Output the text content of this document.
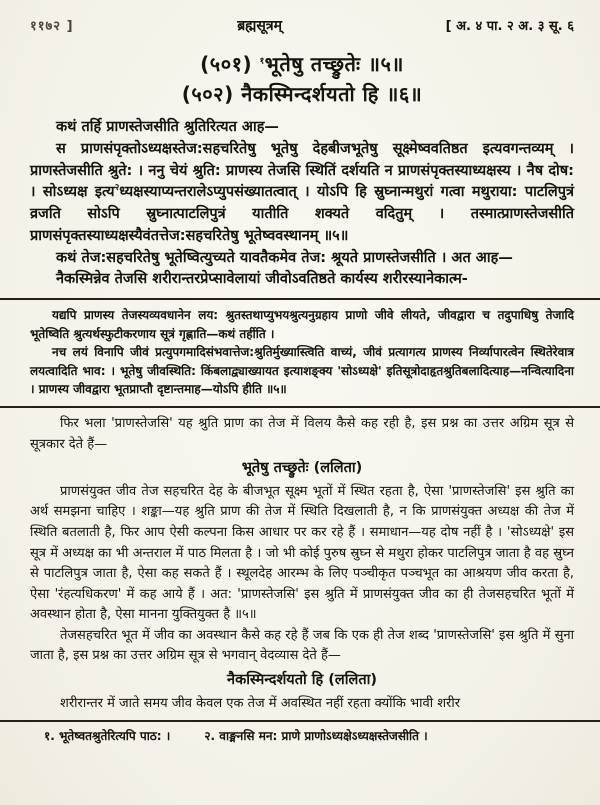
११७२ ]	ब्रह्मसूत्रम्	[ अ. ४ पा. २ अ. ३ सू. ६
(५०१) $^१$भूतेषु तच्छ्रुतेः ॥५॥
(५०२) नैकस्मिन्दर्शयतो हि ॥६॥

कथं तर्हि प्राणस्तेजसीति श्रुतिरित्यत आह—

स प्राणसंपृक्तोऽध्यक्षस्तेज:सहचरितेषु भूतेषु देहबीजभूतेषु सूक्ष्मेष्ववतिष्ठत इत्यवगन्तव्यम् । प्राणस्तेजसीति श्रुते: । ननु चेयं श्रुति: प्राणस्य तेजसि स्थितिं दर्शयति न प्राणसंपृक्तस्याध्यक्षस्य । नैष दोष: । सोऽध्यक्ष इत्य$^२$ध्यक्षस्याप्यन्तरालेऽप्युपसंख्यातत्वात् । योऽपि हि स्रुघ्नान्मथुरां गत्वा मथुराया: पाटलिपुत्रं व्रजति सोऽपि स्रुघ्नात्पाटलिपुत्रं यातीति शक्यते वदितुम् । तस्मात्प्राणस्तेजसीति प्राणसंपृक्तस्याध्यक्षस्यैवंतत्तेज:सहचरितेषु भूतेष्ववस्थानम् ॥५॥

कथं तेज:सहचरितेषु भूतेष्वित्युच्यते यावतैकमेव तेज: श्रूयते प्राणस्तेजसीति । अत आह—

नैकस्मिन्नेव तेजसि शरीरान्तरप्रेप्सावेलायां जीवोऽवतिष्ठते कार्यस्य शरीरस्यानेकात्म-

यद्यपि प्राणस्य तेजस्यव्यवधानेन लय: श्रुतस्तथाप्युभयश्रुत्यनुग्रहाय प्राणो जीवे लीयते, जीवद्वारा च तदुपाधिषु तेजादि भूतेष्विति श्रुत्यर्थस्फुटीकरणाय सूत्रं गृह्णाति—कथं तर्हीति ।

नच लयं विनापि जीवं प्रत्युपगमादिसंभवात्तेज:श्रुतिर्मुख्यास्त्विति वाच्यं, जीवं प्रत्यागत्य प्राणस्य निर्व्यापारत्वेन स्थितेरेवात्र लयत्वादिति भाव: । भूतेषु जीवस्थिति: किंबलाद्व्याख्यायत इत्याशङ्क्य 'सोऽध्यक्षे' इतिसूत्रोदाहृतश्रुतिबलादित्याह—नन्वित्यादिना । प्राणस्य जीवद्वारा भूतप्राप्तौ दृष्टान्तमाह—योऽपि हीति ॥५॥

फिर भला 'प्राणस्तेजसि' यह श्रुति प्राण का तेज में विलय कैसे कह रही है, इस प्रश्न का उत्तर अग्रिम सूत्र से सूत्रकार देते हैं—

भूतेषु तच्छ्रुतेः (ललिता)

प्राणसंयुक्त जीव तेज सहचरित देह के बीजभूत सूक्ष्म भूतों में स्थित रहता है, ऐसा 'प्राणस्तेजसि' इस श्रुति का अर्थ समझना चाहिए । शङ्का—यह श्रुति प्राण की तेज में स्थिति दिखलाती है, न कि प्राणसंयुक्त अध्यक्ष की तेज में स्थिति बतलाती है, फिर आप ऐसी कल्पना किस आधार पर कर रहे हैं । समाधान—यह दोष नहीं है । 'सोऽध्यक्षे' इस सूत्र में अध्यक्ष का भी अन्तराल में पाठ मिलता है । जो भी कोई पुरुष स्रुघ्न से मथुरा होकर पाटलिपुत्र जाता है वह स्रुघ्न से पाटलिपुत्र जाता है, ऐसा कह सकते हैं । स्थूलदेह आरम्भ के लिए पञ्चीकृत पञ्चभूत का आश्रयण जीव करता है, ऐसा 'रंहत्यधिकरण' में कह आये हैं । अत: 'प्राणस्तेजसि' इस श्रुति में प्राणसंयुक्त जीव का ही तेजसहचरित भूतों में अवस्थान होता है, ऐसा मानना युक्तियुक्त है ॥५॥

तेजसहचरित भूत में जीव का अवस्थान कैसे कह रहे हैं जब कि एक ही तेज शब्द 'प्राणस्तेजसि' इस श्रुति में सुना जाता है, इस प्रश्न का उत्तर अग्रिम सूत्र से भगवान् वेदव्यास देते हैं—

नैकस्मिन्दर्शयतो हि (ललिता)

शरीरान्तर में जाते समय जीव केवल एक तेज में अवस्थित नहीं रहता क्योंकि भावी शरीर

१. भूतेष्वतश्रुतेरित्यपि पाठ: ।	२. वाङ्मनसि मन: प्राणे प्राणोऽध्यक्षेऽध्यक्षस्तेजसीति ।
